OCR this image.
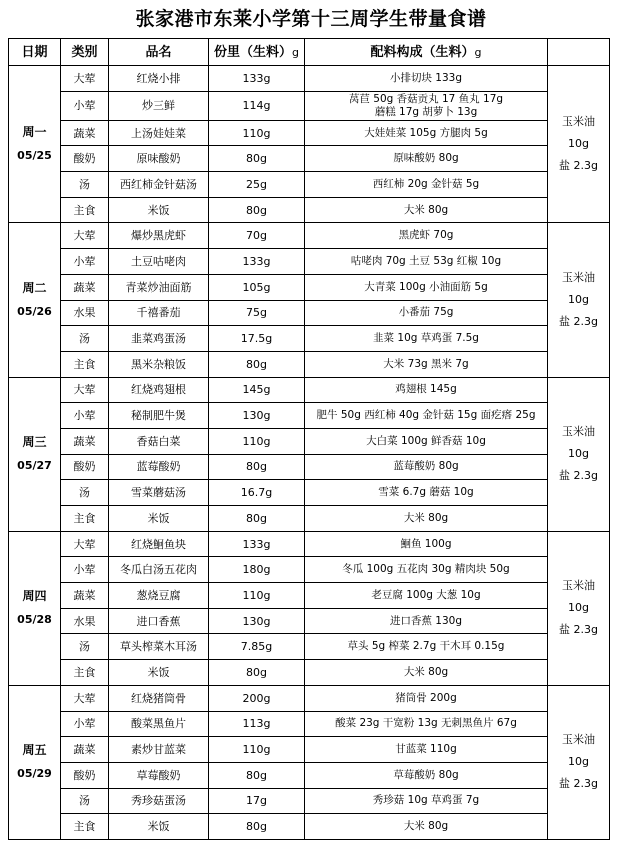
张家港市东莱小学第十三周学生带量食谱
日期	类别	品名	份里（生料）g	配料构成（生料）g	

周一
05/25	大荤	红烧小排	133g	小排切块 133g	玉米油 10g
盐 2.3g

	小荤	炒三鲜	114g	莴苣 50g 香菇贡丸 17 鱼丸 17g
蘑糕 17g 胡萝卜 13g	

	蔬菜	上汤娃娃菜	110g	大娃娃菜 105g 方腿肉 5g	
	酸奶	原味酸奶	80g	原味酸奶 80g	
	汤	西红柿金针菇汤	25g	西红柿 20g 金针菇 5g	
	主食	米饭	80g	大米 80g	

周二
05/26	大荤	爆炒黑虎虾	70g	黑虎虾 70g	玉米油 10g
盐 2.3g

	小荤	土豆咕咾肉	133g	咕咾肉 70g 土豆 53g 红椒 10g	
	蔬菜	青菜炒油面筋	105g	大青菜 100g 小油面筋 5g	
	水果	千禧番茄	75g	小番茄 75g	
	汤	韭菜鸡蛋汤	17.5g	韭菜 10g 草鸡蛋 7.5g	
	主食	黑米杂粮饭	80g	大米 73g 黑米 7g	

周三
05/27	大荤	红烧鸡翅根	145g	鸡翅根 145g	玉米油 10g
盐 2.3g

	小荤	秘制肥牛煲	130g	肥牛 50g 西红柿 40g 金针菇 15g 面疙瘩 25g	
	蔬菜	香菇白菜	110g	大白菜 100g 鲜香菇 10g	
	酸奶	蓝莓酸奶	80g	蓝莓酸奶 80g	
	汤	雪菜蘑菇汤	16.7g	雪菜 6.7g 蘑菇 10g	
	主食	米饭	80g	大米 80g	

周四
05/28	大荤	红烧鮰鱼块	133g	鮰鱼 100g	玉米油 10g
盐 2.3g

	小荤	冬瓜白汤五花肉	180g	冬瓜 100g 五花肉 30g 精肉块 50g	
	蔬菜	葱烧豆腐	110g	老豆腐 100g 大葱 10g	
	水果	进口香蕉	130g	进口香蕉 130g	
	汤	草头榨菜木耳汤	7.85g	草头 5g 榨菜 2.7g 干木耳 0.15g	
	主食	米饭	80g	大米 80g	

周五
05/29	大荤	红烧猪筒骨	200g	猪筒骨 200g	玉米油 10g
盐 2.3g

	小荤	酸菜黑鱼片	113g	酸菜 23g 干宽粉 13g 无刺黑鱼片 67g	
	蔬菜	素炒甘蓝菜	110g	甘蓝菜 110g	
	酸奶	草莓酸奶	80g	草莓酸奶 80g	
	汤	秀珍菇蛋汤	17g	秀珍菇 10g 草鸡蛋 7g	
	主食	米饭	80g	大米 80g	
